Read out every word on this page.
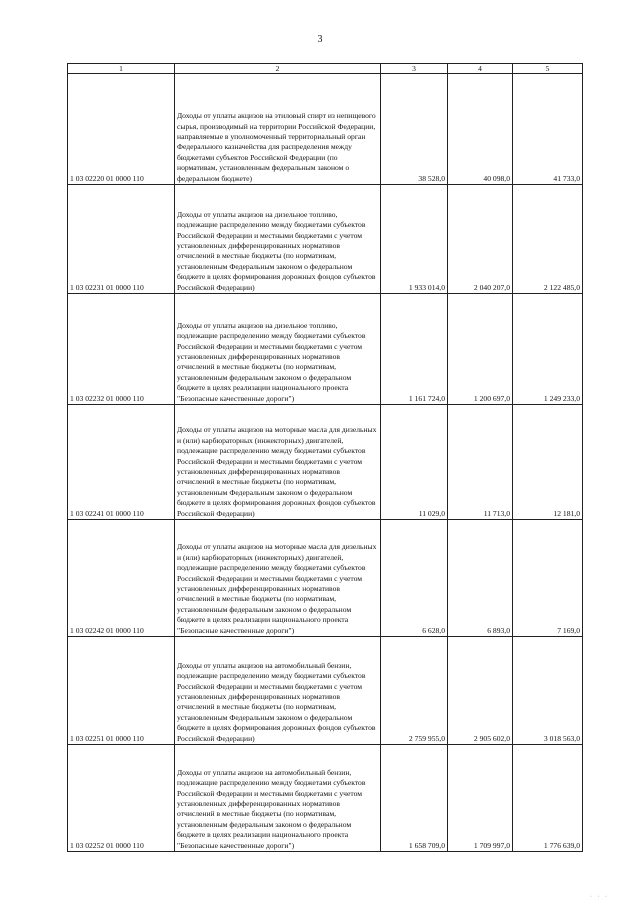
3
1	2	3	4	5
1 03 02220 01 0000 110	Доходы от уплаты акцизов на этиловый спирт из непищевого сырья, производимый на территории Российской Федерации, направляемые в уполномоченный территориальный орган Федерального казначейства для распределения между бюджетами субъектов Российской Федерации (по нормативам, установленным федеральным законом о федеральном бюджете)	38 528,0	40 098,0	41 733,0
1 03 02231 01 0000 110	Доходы от уплаты акцизов на дизельное топливо, подлежащие распределению между бюджетами субъектов Российской Федерации и местными бюджетами с учетом установленных дифференцированных нормативов отчислений в местные бюджеты (по нормативам, установленным Федеральным законом о федеральном бюджете в целях формирования дорожных фондов субъектов Российской Федерации)	1 933 014,0	2 040 207,0	2 122 485,0
1 03 02232 01 0000 110	Доходы от уплаты акцизов на дизельное топливо, подлежащие распределению между бюджетами субъектов Российской Федерации и местными бюджетами с учетом установленных дифференцированных нормативов отчислений в местные бюджеты (по нормативам, установленным федеральным законом о федеральном бюджете в целях реализации национального проекта "Безопасные качественные дороги")	1 161 724,0	1 200 697,0	1 249 233,0
1 03 02241 01 0000 110	Доходы от уплаты акцизов на моторные масла для дизельных и (или) карбюраторных (инжекторных) двигателей, подлежащие распределению между бюджетами субъектов Российской Федерации и местными бюджетами с учетом установленных дифференцированных нормативов отчислений в местные бюджеты (по нормативам, установленным Федеральным законом о федеральном бюджете в целях формирования дорожных фондов субъектов Российской Федерации)	11 029,0	11 713,0	12 181,0
1 03 02242 01 0000 110	Доходы от уплаты акцизов на моторные масла для дизельных и (или) карбюраторных (инжекторных) двигателей, подлежащие распределению между бюджетами субъектов Российской Федерации и местными бюджетами с учетом установленных дифференцированных нормативов отчислений в местные бюджеты (по нормативам, установленным федеральным законом о федеральном бюджете в целях реализации национального проекта "Безопасные качественные дороги")	6 628,0	6 893,0	7 169,0
1 03 02251 01 0000 110	Доходы от уплаты акцизов на автомобильный бензин, подлежащие распределению между бюджетами субъектов Российской Федерации и местными бюджетами с учетом установленных дифференцированных нормативов отчислений в местные бюджеты (по нормативам, установленным Федеральным законом о федеральном бюджете в целях формирования дорожных фондов субъектов Российской Федерации)	2 759 955,0	2 905 602,0	3 018 563,0
1 03 02252 01 0000 110	Доходы от уплаты акцизов на автомобильный бензин, подлежащие распределению между бюджетами субъектов Российской Федерации и местными бюджетами с учетом установленных дифференцированных нормативов отчислений в местные бюджеты (по нормативам, установленным федеральным законом о федеральном бюджете в целях реализации национального проекта "Безопасные качественные дороги")	1 658 709,0	1 709 997,0	1 776 639,0
· · ·
